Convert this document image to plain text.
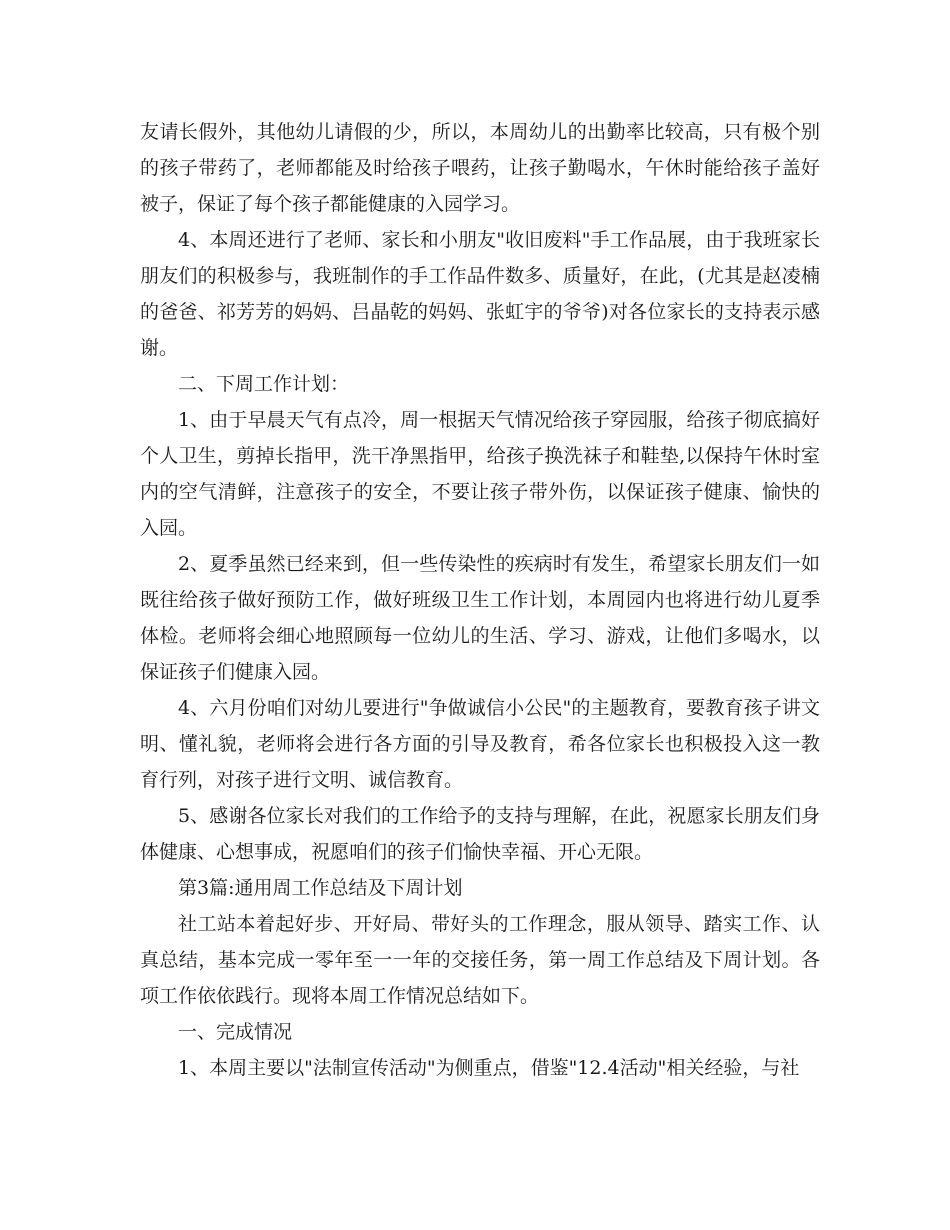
友请长假外，其他幼儿请假的少，所以，本周幼儿的出勤率比较高，只有极个别的孩子带药了，老师都能及时给孩子喂药，让孩子勤喝水，午休时能给孩子盖好被子，保证了每个孩子都能健康的入园学习。

4、本周还进行了老师、家长和小朋友"收旧废料"手工作品展，由于我班家长朋友们的积极参与，我班制作的手工作品件数多、质量好，在此，(尤其是赵凌楠的爸爸、祁芳芳的妈妈、吕晶乾的妈妈、张虹宇的爷爷)对各位家长的支持表示感谢。

二、下周工作计划：

1、由于早晨天气有点冷，周一根据天气情况给孩子穿园服，给孩子彻底搞好个人卫生，剪掉长指甲，洗干净黑指甲，给孩子换洗袜子和鞋垫,以保持午休时室内的空气清鲜，注意孩子的安全，不要让孩子带外伤，以保证孩子健康、愉快的入园。

2、夏季虽然已经来到，但一些传染性的疾病时有发生，希望家长朋友们一如既往给孩子做好预防工作，做好班级卫生工作计划，本周园内也将进行幼儿夏季体检。老师将会细心地照顾每一位幼儿的生活、学习、游戏，让他们多喝水，以保证孩子们健康入园。

4、六月份咱们对幼儿要进行"争做诚信小公民"的主题教育，要教育孩子讲文明、懂礼貌，老师将会进行各方面的引导及教育，希各位家长也积极投入这一教育行列，对孩子进行文明、诚信教育。

5、感谢各位家长对我们的工作给予的支持与理解，在此，祝愿家长朋友们身体健康、心想事成，祝愿咱们的孩子们愉快幸福、开心无限。

第3篇:通用周工作总结及下周计划

社工站本着起好步、开好局、带好头的工作理念，服从领导、踏实工作、认真总结，基本完成一零年至一一年的交接任务，第一周工作总结及下周计划。各项工作依依践行。现将本周工作情况总结如下。

一、完成情况

1、本周主要以"法制宣传活动"为侧重点，借鉴"12.4活动"相关经验，与社
